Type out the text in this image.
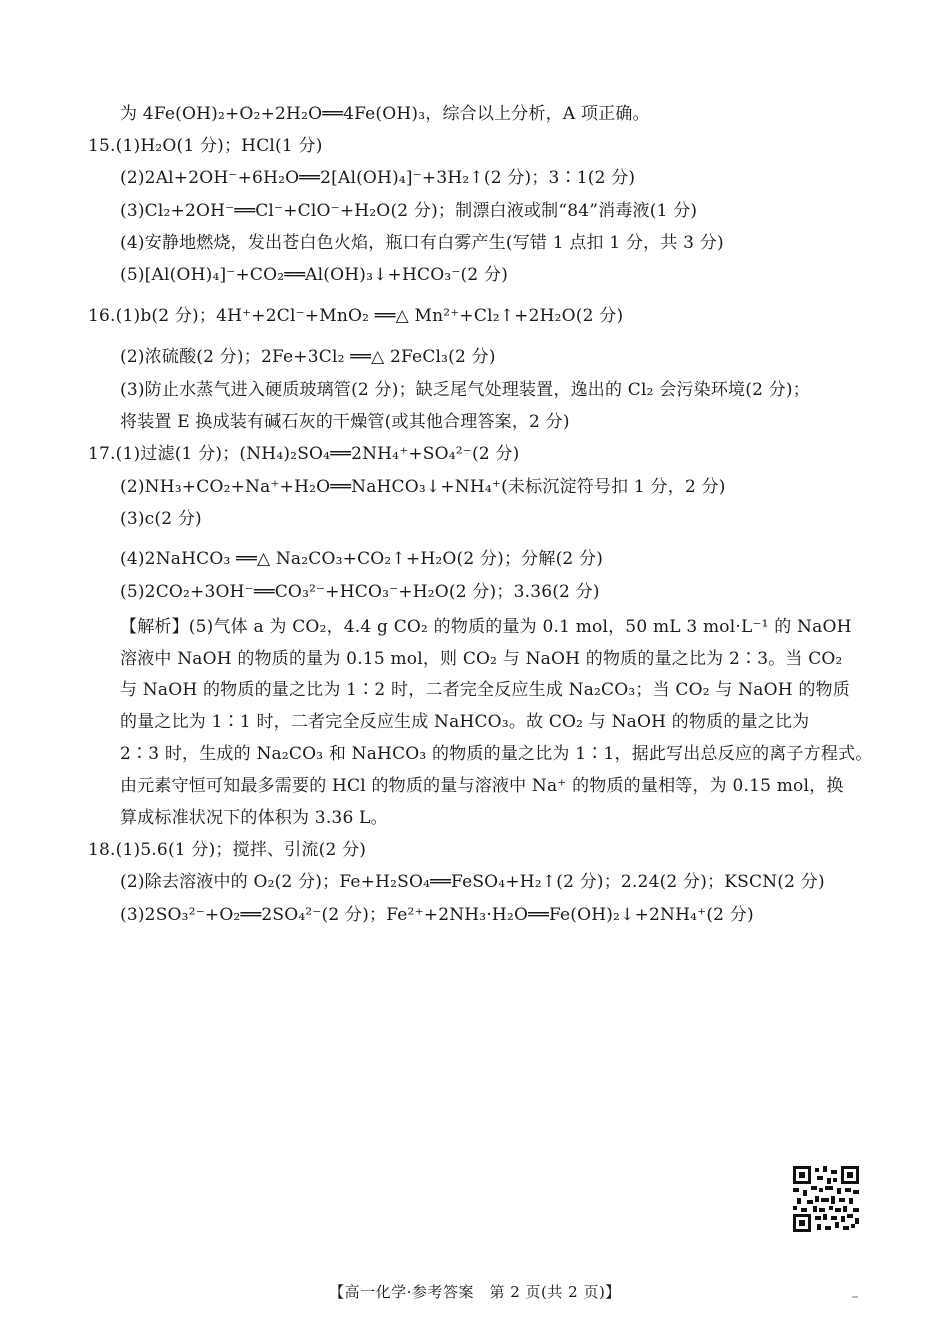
为 4Fe(OH)₂+O₂+2H₂O══4Fe(OH)₃，综合以上分析，A 项正确。
15.(1)H₂O(1 分)；HCl(1 分)
(2)2Al+2OH⁻+6H₂O══2[Al(OH)₄]⁻+3H₂↑(2 分)；3∶1(2 分)
(3)Cl₂+2OH⁻══Cl⁻+ClO⁻+H₂O(2 分)；制漂白液或制“84”消毒液(1 分)
(4)安静地燃烧，发出苍白色火焰，瓶口有白雾产生(写错 1 点扣 1 分，共 3 分)
(5)[Al(OH)₄]⁻+CO₂══Al(OH)₃↓+HCO₃⁻(2 分)
16.(1)b(2 分)；4H⁺+2Cl⁻+MnO₂ ══△ Mn²⁺+Cl₂↑+2H₂O(2 分)
(2)浓硫酸(2 分)；2Fe+3Cl₂ ══△ 2FeCl₃(2 分)
(3)防止水蒸气进入硬质玻璃管(2 分)；缺乏尾气处理装置，逸出的 Cl₂ 会污染环境(2 分)；
将装置 E 换成装有碱石灰的干燥管(或其他合理答案，2 分)
17.(1)过滤(1 分)；(NH₄)₂SO₄══2NH₄⁺+SO₄²⁻(2 分)
(2)NH₃+CO₂+Na⁺+H₂O══NaHCO₃↓+NH₄⁺(未标沉淀符号扣 1 分，2 分)
(3)c(2 分)
(4)2NaHCO₃ ══△ Na₂CO₃+CO₂↑+H₂O(2 分)；分解(2 分)
(5)2CO₂+3OH⁻══CO₃²⁻+HCO₃⁻+H₂O(2 分)；3.36(2 分)
【解析】(5)气体 a 为 CO₂，4.4 g CO₂ 的物质的量为 0.1 mol，50 mL 3 mol·L⁻¹ 的 NaOH
溶液中 NaOH 的物质的量为 0.15 mol，则 CO₂ 与 NaOH 的物质的量之比为 2∶3。当 CO₂
与 NaOH 的物质的量之比为 1∶2 时，二者完全反应生成 Na₂CO₃；当 CO₂ 与 NaOH 的物质
的量之比为 1∶1 时，二者完全反应生成 NaHCO₃。故 CO₂ 与 NaOH 的物质的量之比为
2∶3 时，生成的 Na₂CO₃ 和 NaHCO₃ 的物质的量之比为 1∶1，据此写出总反应的离子方程式。
由元素守恒可知最多需要的 HCl 的物质的量与溶液中 Na⁺ 的物质的量相等，为 0.15 mol，换
算成标准状况下的体积为 3.36 L。
18.(1)5.6(1 分)；搅拌、引流(2 分)
(2)除去溶液中的 O₂(2 分)；Fe+H₂SO₄══FeSO₄+H₂↑(2 分)；2.24(2 分)；KSCN(2 分)
(3)2SO₃²⁻+O₂══2SO₄²⁻(2 分)；Fe²⁺+2NH₃·H₂O══Fe(OH)₂↓+2NH₄⁺(2 分)
【高一化学·参考答案　第 2 页(共 2 页)】
